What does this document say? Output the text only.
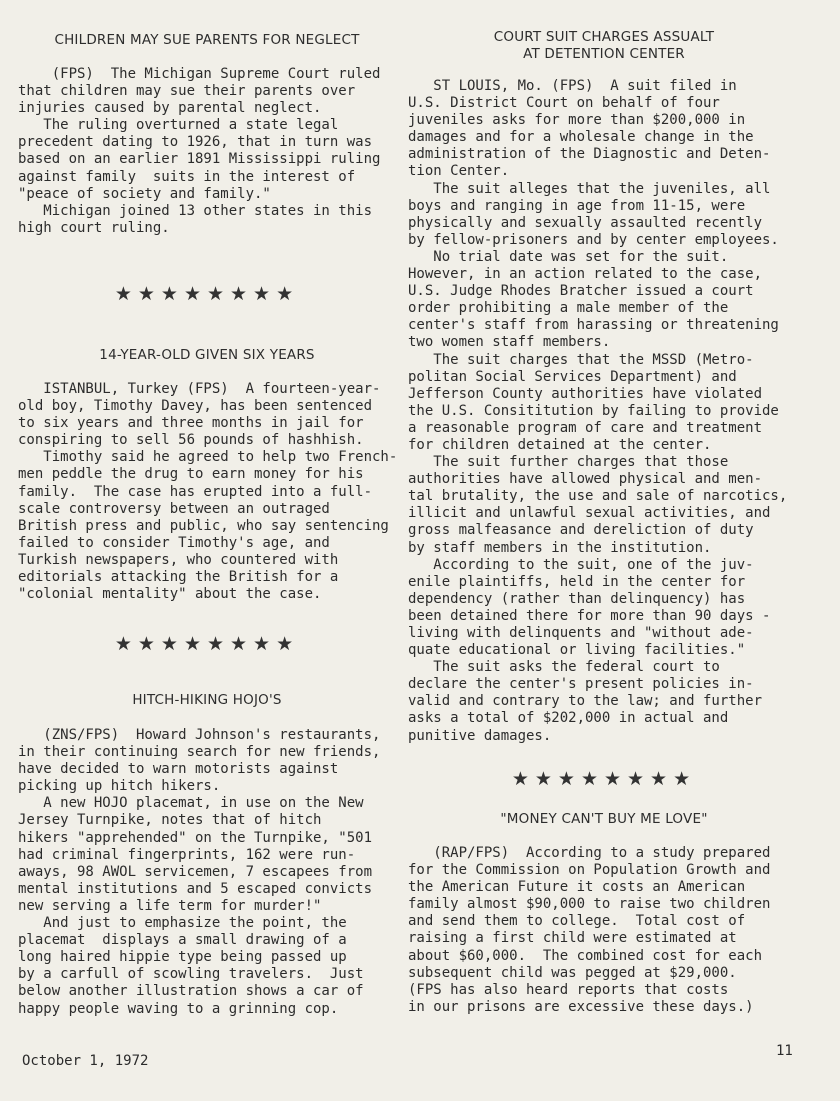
CHILDREN MAY SUE PARENTS FOR NEGLECT
(FPS)  The Michigan Supreme Court ruled
that children may sue their parents over
injuries caused by parental neglect.
The ruling overturned a state legal
precedent dating to 1926, that in turn was
based on an earlier 1891 Mississippi ruling
against family  suits in the interest of
"peace of society and family."
Michigan joined 13 other states in this
high court ruling.
★★★★★★★★
14-YEAR-OLD GIVEN SIX YEARS
ISTANBUL, Turkey (FPS)  A fourteen-year-
old boy, Timothy Davey, has been sentenced
to six years and three months in jail for
conspiring to sell 56 pounds of hashhish.
Timothy said he agreed to help two French-
men peddle the drug to earn money for his
family.  The case has erupted into a full-
scale controversy between an outraged
British press and public, who say sentencing
failed to consider Timothy's age, and
Turkish newspapers, who countered with
editorials attacking the British for a
"colonial mentality" about the case.
★★★★★★★★
HITCH-HIKING HOJO'S
(ZNS/FPS)  Howard Johnson's restaurants,
in their continuing search for new friends,
have decided to warn motorists against
picking up hitch hikers.
A new HOJO placemat, in use on the New
Jersey Turnpike, notes that of hitch
hikers "apprehended" on the Turnpike, "501
had criminal fingerprints, 162 were run-
aways, 98 AWOL servicemen, 7 escapees from
mental institutions and 5 escaped convicts
new serving a life term for murder!"
And just to emphasize the point, the
placemat  displays a small drawing of a
long haired hippie type being passed up
by a carfull of scowling travelers.  Just
below another illustration shows a car of
happy people waving to a grinning cop.
COURT SUIT CHARGES ASSUALT
AT DETENTION CENTER
ST LOUIS, Mo. (FPS)  A suit filed in
U.S. District Court on behalf of four
juveniles asks for more than $200,000 in
damages and for a wholesale change in the
administration of the Diagnostic and Deten-
tion Center.
The suit alleges that the juveniles, all
boys and ranging in age from 11-15, were
physically and sexually assaulted recently
by fellow-prisoners and by center employees.
No trial date was set for the suit.
However, in an action related to the case,
U.S. Judge Rhodes Bratcher issued a court
order prohibiting a male member of the
center's staff from harassing or threatening
two women staff members.
The suit charges that the MSSD (Metro-
politan Social Services Department) and
Jefferson County authorities have violated
the U.S. Consititution by failing to provide
a reasonable program of care and treatment
for children detained at the center.
The suit further charges that those
authorities have allowed physical and men-
tal brutality, the use and sale of narcotics,
illicit and unlawful sexual activities, and
gross malfeasance and dereliction of duty
by staff members in the institution.
According to the suit, one of the juv-
enile plaintiffs, held in the center for
dependency (rather than delinquency) has
been detained there for more than 90 days -
living with delinquents and "without ade-
quate educational or living facilities."
The suit asks the federal court to
declare the center's present policies in-
valid and contrary to the law; and further
asks a total of $202,000 in actual and
punitive damages.
★★★★★★★★
"MONEY CAN'T BUY ME LOVE"
(RAP/FPS)  According to a study prepared
for the Commission on Population Growth and
the American Future it costs an American
family almost $90,000 to raise two children
and send them to college.  Total cost of
raising a first child were estimated at
about $60,000.  The combined cost for each
subsequent child was pegged at $29,000.
(FPS has also heard reports that costs
in our prisons are excessive these days.)
October 1, 1972
11
